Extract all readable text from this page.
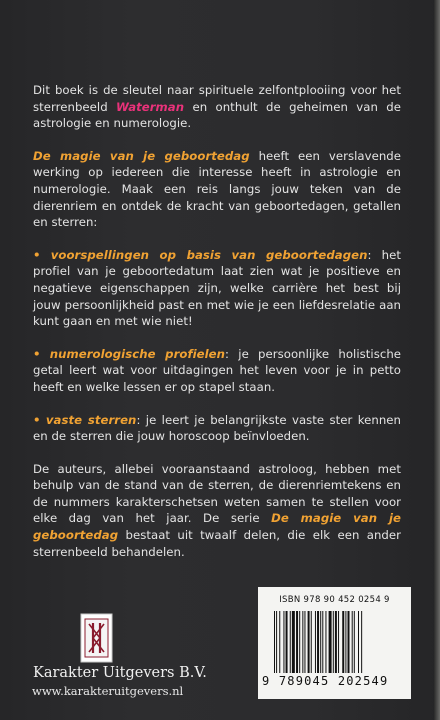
Dit boek is de sleutel naar spirituele zelfontplooiing voor het sterrenbeeld Waterman en onthult de geheimen van de astrologie en numerologie.

De magie van je geboortedag heeft een verslavende werking op iedereen die interesse heeft in astrologie en numerologie. Maak een reis langs jouw teken van de dierenriem en ontdek de kracht van geboortedagen, getallen en sterren:

• voorspellingen op basis van geboortedagen: het profiel van je geboortedatum laat zien wat je positieve en negatieve eigenschappen zijn, welke carrière het best bij jouw persoonlijkheid past en met wie je een liefdesrelatie aan kunt gaan en met wie niet!

• numerologische profielen: je persoonlijke holistische getal leert wat voor uitdagingen het leven voor je in petto heeft en welke lessen er op stapel staan.

• vaste sterren: je leert je belangrijkste vaste ster kennen en de sterren die jouw horoscoop beïnvloeden.

De auteurs, allebei vooraanstaand astroloog, hebben met behulp van de stand van de sterren, de dierenriemtekens en de nummers karakterschetsen weten samen te stellen voor elke dag van het jaar. De serie De magie van je geboortedag bestaat uit twaalf delen, die elk een ander sterrenbeeld behandelen.

ISBN 978 90 452 0254 9
9 789045 202549
Karakter Uitgevers B.V.
www.karakteruitgevers.nl
